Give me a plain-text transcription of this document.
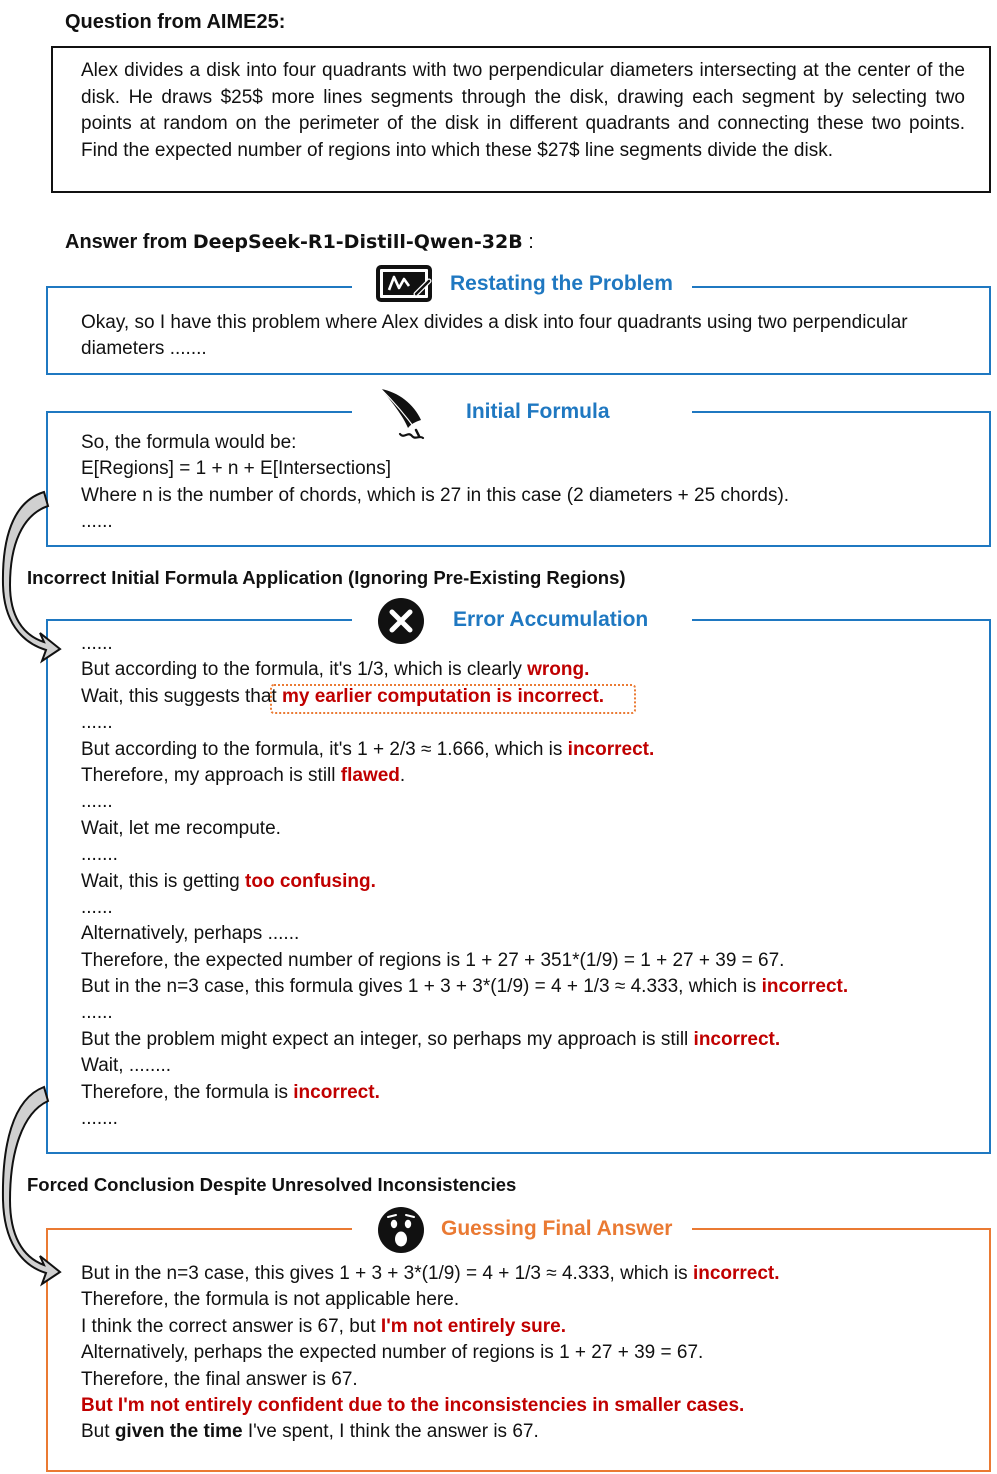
Question from AIME25:
Alex divides a disk into four quadrants with two perpendicular diameters intersecting at the center of the disk. He draws $25$ more lines segments through the disk, drawing each segment by selecting two points at random on the perimeter of the disk in different quadrants and connecting these two points. Find the expected number of regions into which these $27$ line segments divide the disk.
Answer from DeepSeek-R1-Distill-Qwen-32B :
Okay, so I have this problem where Alex divides a disk into four quadrants using two perpendicular
diameters .......
Restating the Problem
So, the formula would be:
E[Regions] = 1 + n + E[Intersections]
Where n is the number of chords, which is 27 in this case (2 diameters + 25 chords).
......
Initial Formula
Incorrect Initial Formula Application (Ignoring Pre-Existing Regions)
......
But according to the formula, it's 1/3, which is clearly wrong.
Wait, this suggests that my earlier computation is incorrect.
......
But according to the formula, it's 1 + 2/3 ≈ 1.666, which is incorrect.
Therefore, my approach is still flawed.
......
Wait, let me recompute.
.......
Wait, this is getting too confusing.
......
Alternatively, perhaps ......
Therefore, the expected number of regions is 1 + 27 + 351*(1/9) = 1 + 27 + 39 = 67.
But in the n=3 case, this formula gives 1 + 3 + 3*(1/9) = 4 + 1/3 ≈ 4.333, which is incorrect.
......
But the problem might expect an integer, so perhaps my approach is still incorrect.
Wait, ........
Therefore, the formula is incorrect.
.......
Error Accumulation
Forced Conclusion Despite Unresolved Inconsistencies
But in the n=3 case, this gives 1 + 3 + 3*(1/9) = 4 + 1/3 ≈ 4.333, which is incorrect.
Therefore, the formula is not applicable here.
I think the correct answer is 67, but I'm not entirely sure.
Alternatively, perhaps the expected number of regions is 1 + 27 + 39 = 67.
Therefore, the final answer is 67.
But I'm not entirely confident due to the inconsistencies in smaller cases.
But given the time I've spent, I think the answer is 67.
Guessing Final Answer
